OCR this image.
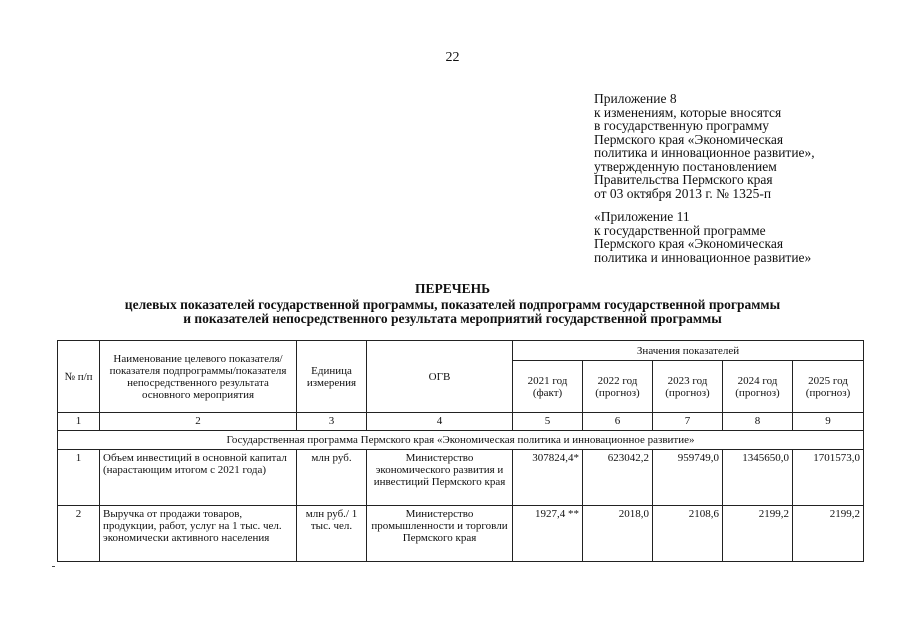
22
Приложение 8
к изменениям, которые вносятся
в государственную программу
Пермского края «Экономическая
политика и инновационное развитие»,
утвержденную постановлением
Правительства Пермского края
от 03 октября 2013 г. № 1325-п
«Приложение 11
к государственной программе
Пермского края «Экономическая
политика и инновационное развитие»
ПЕРЕЧЕНЬ
целевых показателей государственной программы, показателей подпрограмм государственной программы
и показателей непосредственного результата мероприятий государственной программы
№ п/п	Наименование целевого показателя/показателя подпрограммы/показателя непосредственного результата основного мероприятия	Единица измерения	ОГВ	Значения показателей				
				2021 год (факт)	2022 год (прогноз)	2023 год (прогноз)	2024 год (прогноз)	2025 год (прогноз)
1	2	3	4	5	6	7	8	9
Государственная программа Пермского края «Экономическая политика и инновационное развитие»								
1	Объем инвестиций в основной капитал (нарастающим итогом с 2021 года)	млн руб.	Министерство экономического развития и инвестиций Пермского края	307824,4*	623042,2	959749,0	1345650,0	1701573,0
2	Выручка от продажи товаров, продукции, работ, услуг на 1 тыс. чел. экономически активного населения	млн руб./ 1 тыс. чел.	Министерство промышленности и торговли Пермского края	1927,4 **	2018,0	2108,6	2199,2	2199,2
